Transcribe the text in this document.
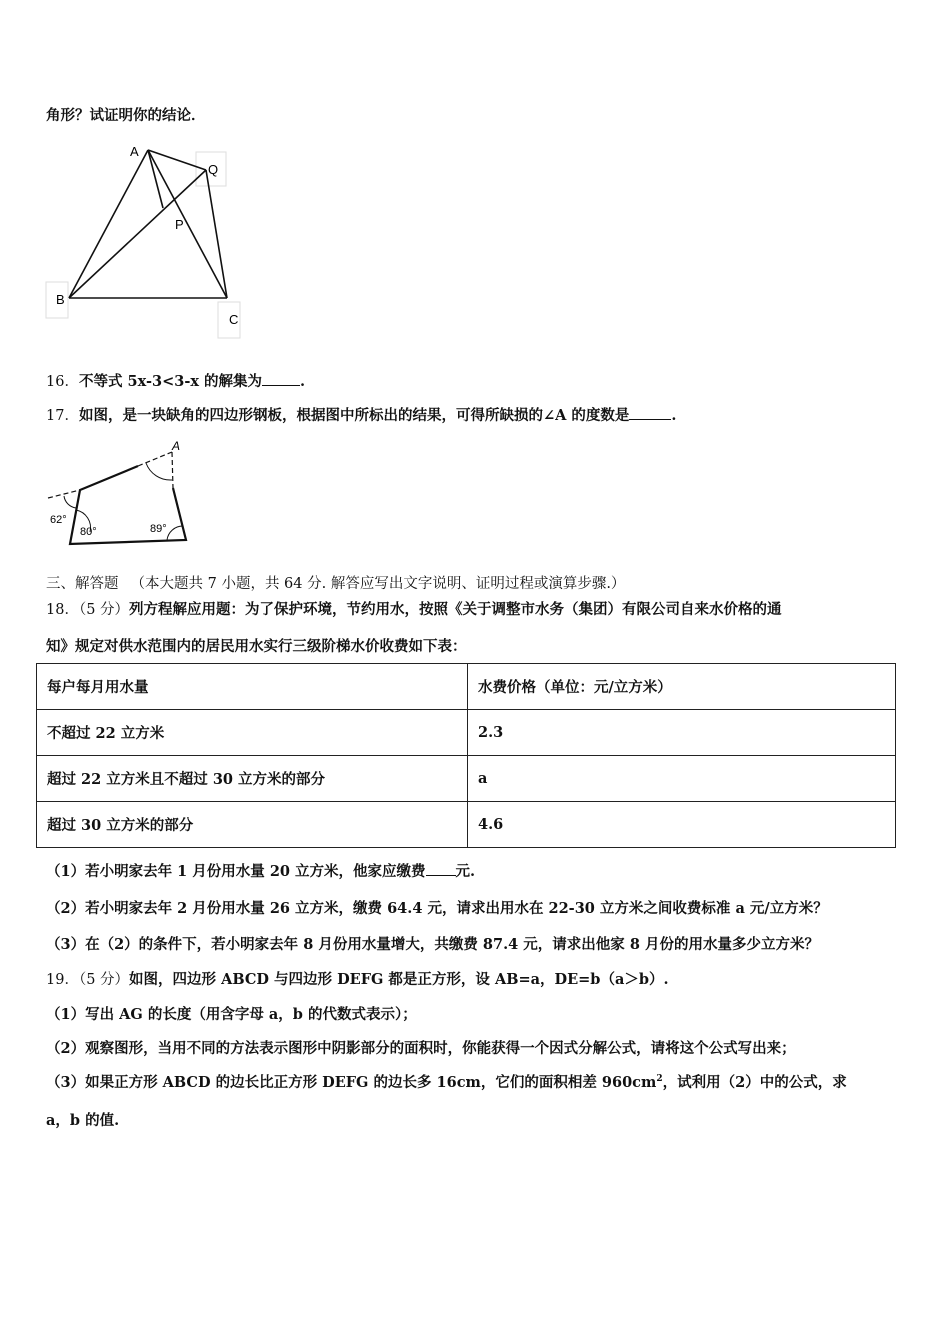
角形？试证明你的结论．
A
Q
P
B
C
16．不等式 5x-3<3-x 的解集为	.
17．如图，是一块缺角的四边形钢板，根据图中所标出的结果，可得所缺损的∠A 的度数是	.
62°
80°	89°
A
三、解答题 （本大题共 7 小题，共 64 分. 解答应写出文字说明、证明过程或演算步骤.）
18．（5 分）列方程解应用题：为了保护环境，节约用水，按照《关于调整市水务（集团）有限公司自来水价格的通
知》规定对供水范围内的居民用水实行三级阶梯水价收费如下表：
每户每月用水量	水费价格（单位：元/立方米）
不超过 22 立方米	2.3
超过 22 立方米且不超过 30 立方米的部分	a
超过 30 立方米的部分	4.6
（1）若小明家去年 1 月份用水量 20 立方米，他家应缴费 元.
（2）若小明家去年 2 月份用水量 26 立方米，缴费 64.4 元，请求出用水在 22-30 立方米之间收费标准 a 元/立方米？
（3）在（2）的条件下，若小明家去年 8 月份用水量增大，共缴费 87.4 元，请求出他家 8 月份的用水量多少立方米？
19．（5 分）如图，四边形 ABCD 与四边形 DEFG 都是正方形，设 AB=a，DE=b（a＞b）.
（1）写出 AG 的长度（用含字母 a，b 的代数式表示）；
（2）观察图形，当用不同的方法表示图形中阴影部分的面积时，你能获得一个因式分解公式，请将这个公式写出来；
（3）如果正方形 ABCD 的边长比正方形 DEFG 的边长多 16cm，它们的面积相差 $960cm^2$，试利用（2）中的公式，求
a，b 的值.
